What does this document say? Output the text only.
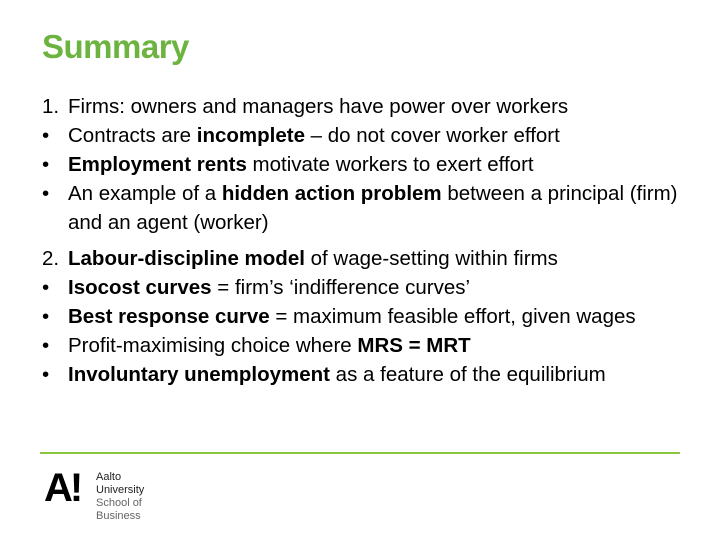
Summary
1. Firms: owners and managers have power over workers
• Contracts are incomplete – do not cover worker effort
• Employment rents motivate workers to exert effort
• An example of a hidden action problem between a principal (firm) and an agent (worker)
2. Labour-discipline model of wage-setting within firms
• Isocost curves = firm’s ‘indifference curves’
• Best response curve = maximum feasible effort, given wages
• Profit-maximising choice where MRS = MRT
• Involuntary unemployment as a feature of the equilibrium
A! Aalto University
School of Business
